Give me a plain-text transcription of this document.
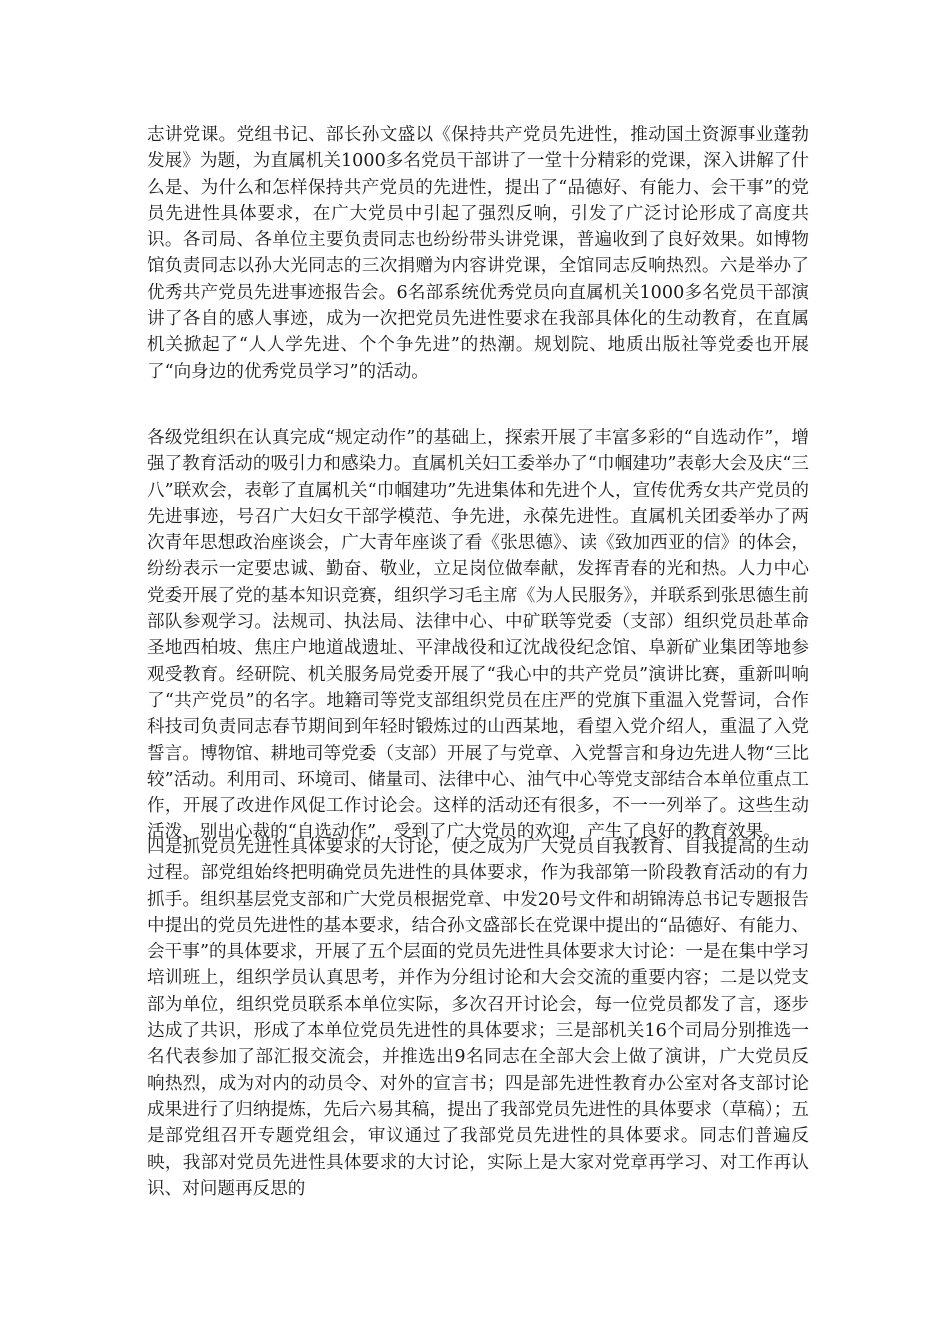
志讲党课。党组书记、部长孙文盛以《保持共产党员先进性，推动国土资源事业蓬勃发展》为题，为直属机关1000多名党员干部讲了一堂十分精彩的党课，深入讲解了什么是、为什么和怎样保持共产党员的先进性，提出了“品德好、有能力、会干事”的党员先进性具体要求，在广大党员中引起了强烈反响，引发了广泛讨论形成了高度共识。各司局、各单位主要负责同志也纷纷带头讲党课，普遍收到了良好效果。如博物馆负责同志以孙大光同志的三次捐赠为内容讲党课，全馆同志反响热烈。六是举办了优秀共产党员先进事迹报告会。6名部系统优秀党员向直属机关1000多名党员干部演讲了各自的感人事迹，成为一次把党员先进性要求在我部具体化的生动教育，在直属机关掀起了“人人学先进、个个争先进”的热潮。规划院、地质出版社等党委也开展了“向身边的优秀党员学习”的活动。

各级党组织在认真完成“规定动作”的基础上，探索开展了丰富多彩的“自选动作”，增强了教育活动的吸引力和感染力。直属机关妇工委举办了“巾帼建功”表彰大会及庆“三八”联欢会，表彰了直属机关“巾帼建功”先进集体和先进个人，宣传优秀女共产党员的先进事迹，号召广大妇女干部学模范、争先进，永葆先进性。直属机关团委举办了两次青年思想政治座谈会，广大青年座谈了看《张思德》、读《致加西亚的信》的体会，纷纷表示一定要忠诚、勤奋、敬业，立足岗位做奉献，发挥青春的光和热。人力中心党委开展了党的基本知识竞赛，组织学习毛主席《为人民服务》，并联系到张思德生前部队参观学习。法规司、执法局、法律中心、中矿联等党委（支部）组织党员赴革命圣地西柏坡、焦庄户地道战遗址、平津战役和辽沈战役纪念馆、阜新矿业集团等地参观受教育。经研院、机关服务局党委开展了“我心中的共产党员”演讲比赛，重新叫响了“共产党员”的名字。地籍司等党支部组织党员在庄严的党旗下重温入党誓词，合作科技司负责同志春节期间到年轻时锻炼过的山西某地，看望入党介绍人，重温了入党誓言。博物馆、耕地司等党委（支部）开展了与党章、入党誓言和身边先进人物“三比较”活动。利用司、环境司、储量司、法律中心、油气中心等党支部结合本单位重点工作，开展了改进作风促工作讨论会。这样的活动还有很多，不一一列举了。这些生动活泼、别出心裁的“自选动作”，受到了广大党员的欢迎，产生了良好的教育效果。

四是抓党员先进性具体要求的大讨论，使之成为广大党员自我教育、自我提高的生动过程。部党组始终把明确党员先进性的具体要求，作为我部第一阶段教育活动的有力抓手。组织基层党支部和广大党员根据党章、中发20号文件和胡锦涛总书记专题报告中提出的党员先进性的基本要求，结合孙文盛部长在党课中提出的“品德好、有能力、会干事”的具体要求，开展了五个层面的党员先进性具体要求大讨论：一是在集中学习培训班上，组织学员认真思考，并作为分组讨论和大会交流的重要内容；二是以党支部为单位，组织党员联系本单位实际，多次召开讨论会，每一位党员都发了言，逐步达成了共识，形成了本单位党员先进性的具体要求；三是部机关16个司局分别推选一名代表参加了部汇报交流会，并推选出9名同志在全部大会上做了演讲，广大党员反响热烈，成为对内的动员令、对外的宣言书；四是部先进性教育办公室对各支部讨论成果进行了归纳提炼，先后六易其稿，提出了我部党员先进性的具体要求（草稿）；五是部党组召开专题党组会，审议通过了我部党员先进性的具体要求。同志们普遍反映，我部对党员先进性具体要求的大讨论，实际上是大家对党章再学习、对工作再认识、对问题再反思的
